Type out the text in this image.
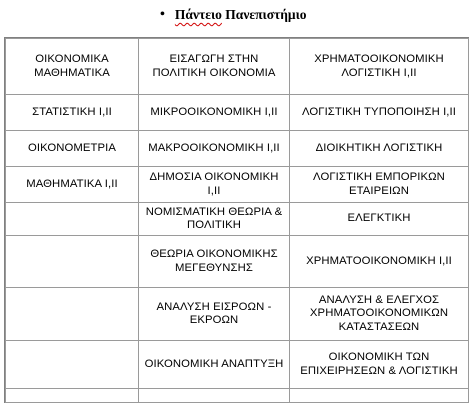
• Πάντειο Πανεπιστήμιο
ΟΙΚΟΝΟΜΙΚΑ ΜΑΘΗΜΑΤΙΚΑ	ΕΙΣΑΓΩΓΗ ΣΤΗΝ ΠΟΛΙΤΙΚΗ ΟΙΚΟΝΟΜΙΑ	ΧΡΗΜΑΤΟΟΙΚΟΝΟΜΙΚΗ ΛΟΓΙΣΤΙΚΗ Ι,ΙΙ
ΣΤΑΤΙΣΤΙΚΗ Ι,ΙΙ	ΜΙΚΡΟΟΙΚΟΝΟΜΙΚΗ Ι,ΙΙ	ΛΟΓΙΣΤΙΚΗ ΤΥΠΟΠΟΙΗΣΗ Ι,ΙΙ
ΟΙΚΟΝΟΜΕΤΡΙΑ	ΜΑΚΡΟΟΙΚΟΝΟΜΙΚΗ Ι,ΙΙ	ΔΙΟΙΚΗΤΙΚΗ ΛΟΓΙΣΤΙΚΗ
ΜΑΘΗΜΑΤΙΚΑ Ι,ΙΙ	ΔΗΜΟΣΙΑ ΟΙΚΟΝΟΜΙΚΗ Ι,ΙΙ	ΛΟΓΙΣΤΙΚΗ ΕΜΠΟΡΙΚΩΝ ΕΤΑΙΡΕΙΩΝ
	ΝΟΜΙΣΜΑΤΙΚΗ ΘΕΩΡΙΑ & ΠΟΛΙΤΙΚΗ	ΕΛΕΓΚΤΙΚΗ
	ΘΕΩΡΙΑ ΟΙΚΟΝΟΜΙΚΗΣ ΜΕΓΕΘΥΝΣΗΣ	ΧΡΗΜΑΤΟΟΙΚΟΝΟΜΙΚΗ Ι,ΙΙ
	ΑΝΑΛΥΣΗ ΕΙΣΡΟΩΝ - ΕΚΡΟΩΝ	ΑΝΑΛΥΣΗ & ΕΛΕΓΧΟΣ ΧΡΗΜΑΤΟΟΙΚΟΝΟΜΙΚΩΝ ΚΑΤΑΣΤΑΣΕΩΝ
	ΟΙΚΟΝΟΜΙΚΗ ΑΝΑΠΤΥΞΗ	ΟΙΚΟΝΟΜΙΚΗ ΤΩΝ ΕΠΙΧΕΙΡΗΣΕΩΝ & ΛΟΓΙΣΤΙΚΗ
